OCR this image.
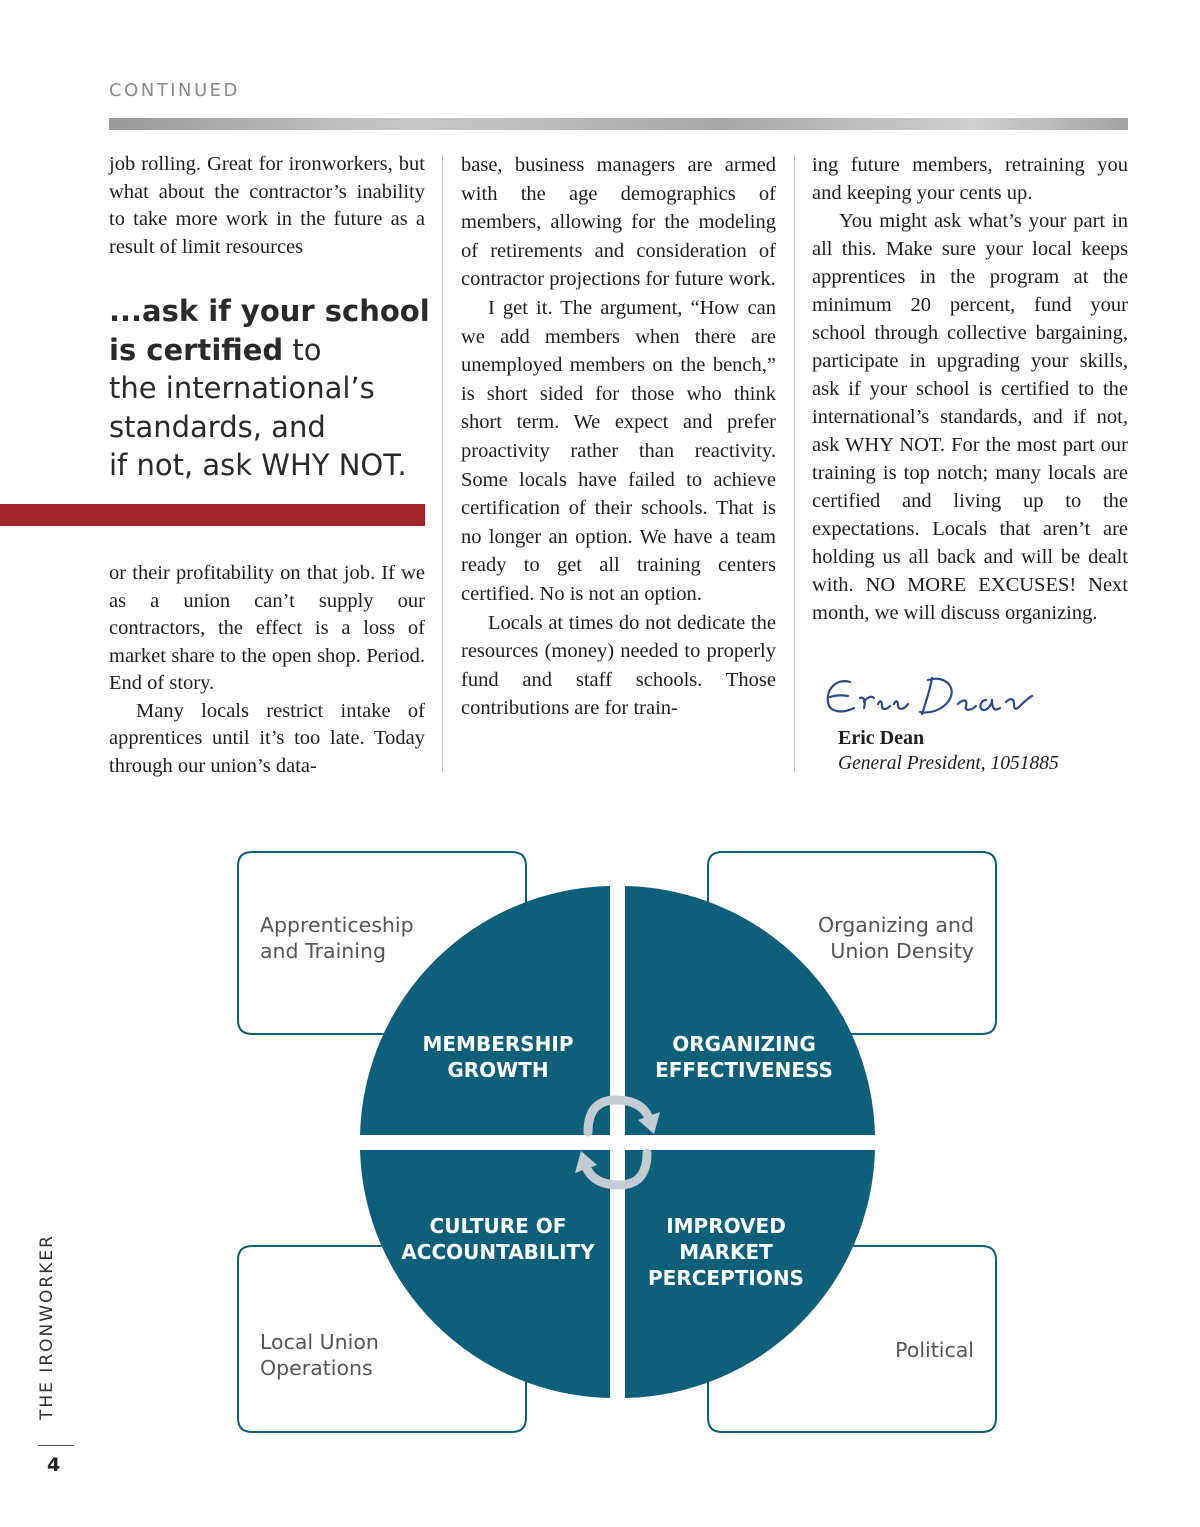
CONTINUED

job rolling. Great for ironworkers, but what about the contractor’s inability to take more work in the future as a result of limit resources

...ask if your school is certified to
the international’s
standards, and
if not, ask WHY NOT.

or their profitability on that job. If we as a union can’t supply our contractors, the effect is a loss of market share to the open shop. Period. End of story.

Many locals restrict intake of apprentices until it’s too late. Today through our union’s data-

base, business managers are armed with the age demographics of members, allowing for the modeling of retirements and consideration of contractor projections for future work.

I get it. The argument, “How can we add members when there are unemployed members on the bench,” is short sided for those who think short term. We expect and prefer proactivity rather than reactivity. Some locals have failed to achieve certification of their schools. That is no longer an option. We have a team ready to get all training centers certified. No is not an option.

Locals at times do not dedicate the resources (money) needed to properly fund and staff schools. Those contributions are for train-

ing future members, retraining you and keeping your cents up.

You might ask what’s your part in all this. Make sure your local keeps apprentices in the program at the minimum 20 percent, fund your school through collective bargaining, participate in upgrading your skills, ask if your school is certified to the international’s standards, and if not, ask WHY NOT. For the most part our training is top notch; many locals are certified and living up to the expectations. Locals that aren’t are holding us all back and will be dealt with. NO MORE EXCUSES! Next month, we will discuss organizing.

Eric Dean
General President, 1051885
Apprenticeship
and Training
Organizing and
Union Density
Local Union
Operations
Political
MEMBERSHIP
GROWTH
ORGANIZING
EFFECTIVENESS
CULTURE OF
ACCOUNTABILITY
IMPROVED
MARKET
PERCEPTIONS
THE IRONWORKER
4
